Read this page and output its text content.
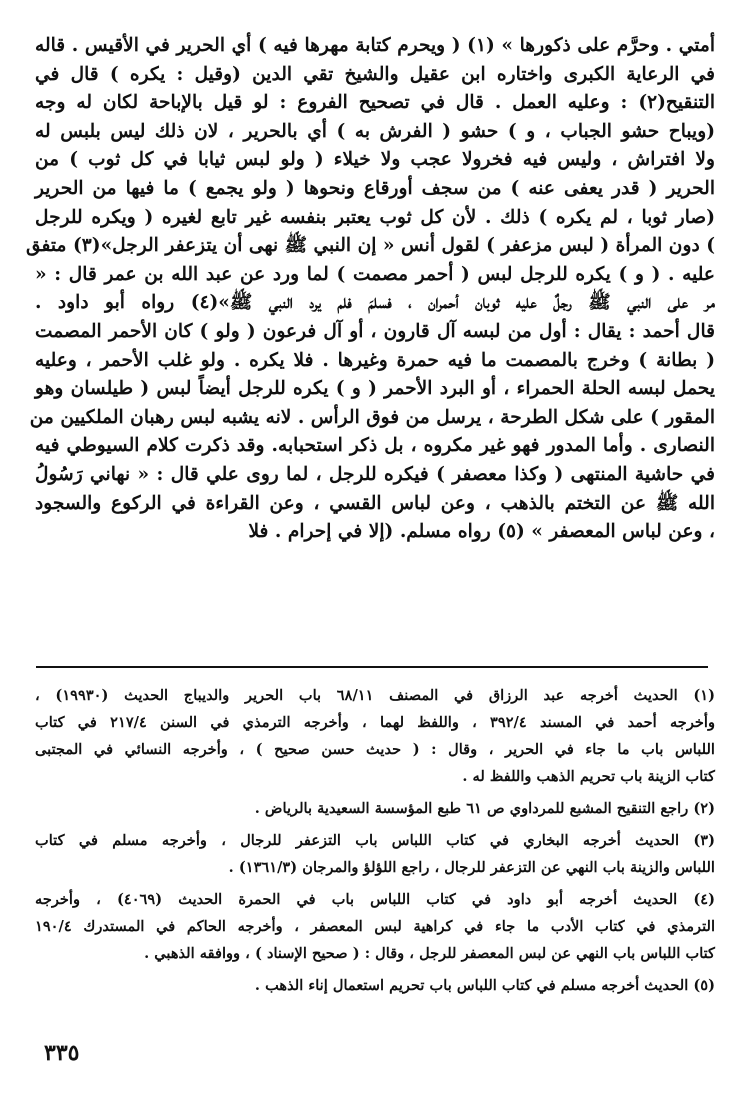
أمتي . وحرَّم على ذكورها » (١) ( ويحرم كتابة مهرها فيه ) أي الحرير في الأقيس . قاله
في الرعاية الكبرى واختاره ابن عقيل والشيخ تقي الدين (وقيل : يكره ) قال في
التنقيح(٢) : وعليه العمل . قال في تصحيح الفروع : لو قيل بالإباحة لكان له وجه
(ويباح حشو الجباب ، و ) حشو ( الفرش به ) أي بالحرير ، لان ذلك ليس بلبس له
ولا افتراش ، وليس فيه فخرولا عجب ولا خيلاء ( ولو لبس ثيابا في كل ثوب ) من
الحرير ( قدر يعفى عنه ) من سجف أورقاع ونحوها ( ولو يجمع ) ما فيها من الحرير
(صار ثوبا ، لم يكره ) ذلك . لأن كل ثوب يعتبر بنفسه غير تابع لغيره ( ويكره للرجل
) دون المرأة ( لبس مزعفر ) لقول أنس « إن النبي ﷺ نهى أن يتزعفر الرجل»(٣) متفق
عليه . ( و ) يكره للرجل لبس ( أحمر مصمت ) لما ورد عن عبد الله بن عمر قال : «
مر على النبي ﷺ رجلٌ عليه ثوبان أحمران ، فسلمَ فلم يرد النبي ﷺ»(٤) رواه أبو داود .
قال أحمد : يقال : أول من لبسه آل قارون ، أو آل فرعون ( ولو ) كان الأحمر المصمت
( بطانة ) وخرج بالمصمت ما فيه حمرة وغيرها . فلا يكره . ولو غلب الأحمر ، وعليه
يحمل لبسه الحلة الحمراء ، أو البرد الأحمر ( و ) يكره للرجل أيضاً لبس ( طيلسان وهو
المقور ) على شكل الطرحة ، يرسل من فوق الرأس . لانه يشبه لبس رهبان الملكيين من
النصارى . وأما المدور فهو غير مكروه ، بل ذكر استحبابه. وقد ذكرت كلام السيوطي فيه
في حاشية المنتهى ( وكذا معصفر ) فيكره للرجل ، لما روى علي قال : « نهاني رَسُولُ
الله ﷺ عن التختم بالذهب ، وعن لباس القسي ، وعن القراءة في الركوع والسجود
، وعن لباس المعصفر » (٥) رواه مسلم. (إلا في إحرام . فلا
(١) الحديث أخرجه عبد الرزاق في المصنف ٦٨/١١ باب الحرير والديباج الحديث (١٩٩٣٠) ،
وأخرجه أحمد في المسند ٣٩٢/٤ ، واللفظ لهما ، وأخرجه الترمذي في السنن ٢١٧/٤ في كتاب
اللباس باب ما جاء في الحرير ، وقال : ( حديث حسن صحيح ) ، وأخرجه النسائي في المجتبى
كتاب الزينة باب تحريم الذهب واللفظ له .
(٢) راجع التنقيح المشبع للمرداوي ص ٦١ طبع المؤسسة السعيدية بالرياض .
(٣) الحديث أخرجه البخاري في كتاب اللباس باب التزعفر للرجال ، وأخرجه مسلم في كتاب
اللباس والزينة باب النهي عن التزعفر للرجال ، راجع اللؤلؤ والمرجان (١٣٦١/٣) .
(٤) الحديث أخرجه أبو داود في كتاب اللباس باب في الحمرة الحديث (٤٠٦٩) ، وأخرجه
الترمذي في كتاب الأدب ما جاء في كراهية لبس المعصفر ، وأخرجه الحاكم في المستدرك ١٩٠/٤
كتاب اللباس باب النهي عن لبس المعصفر للرجل ، وقال : ( صحيح الإسناد ) ، ووافقه الذهبي .
(٥) الحديث أخرجه مسلم في كتاب اللباس باب تحريم استعمال إناء الذهب .
٣٣٥
